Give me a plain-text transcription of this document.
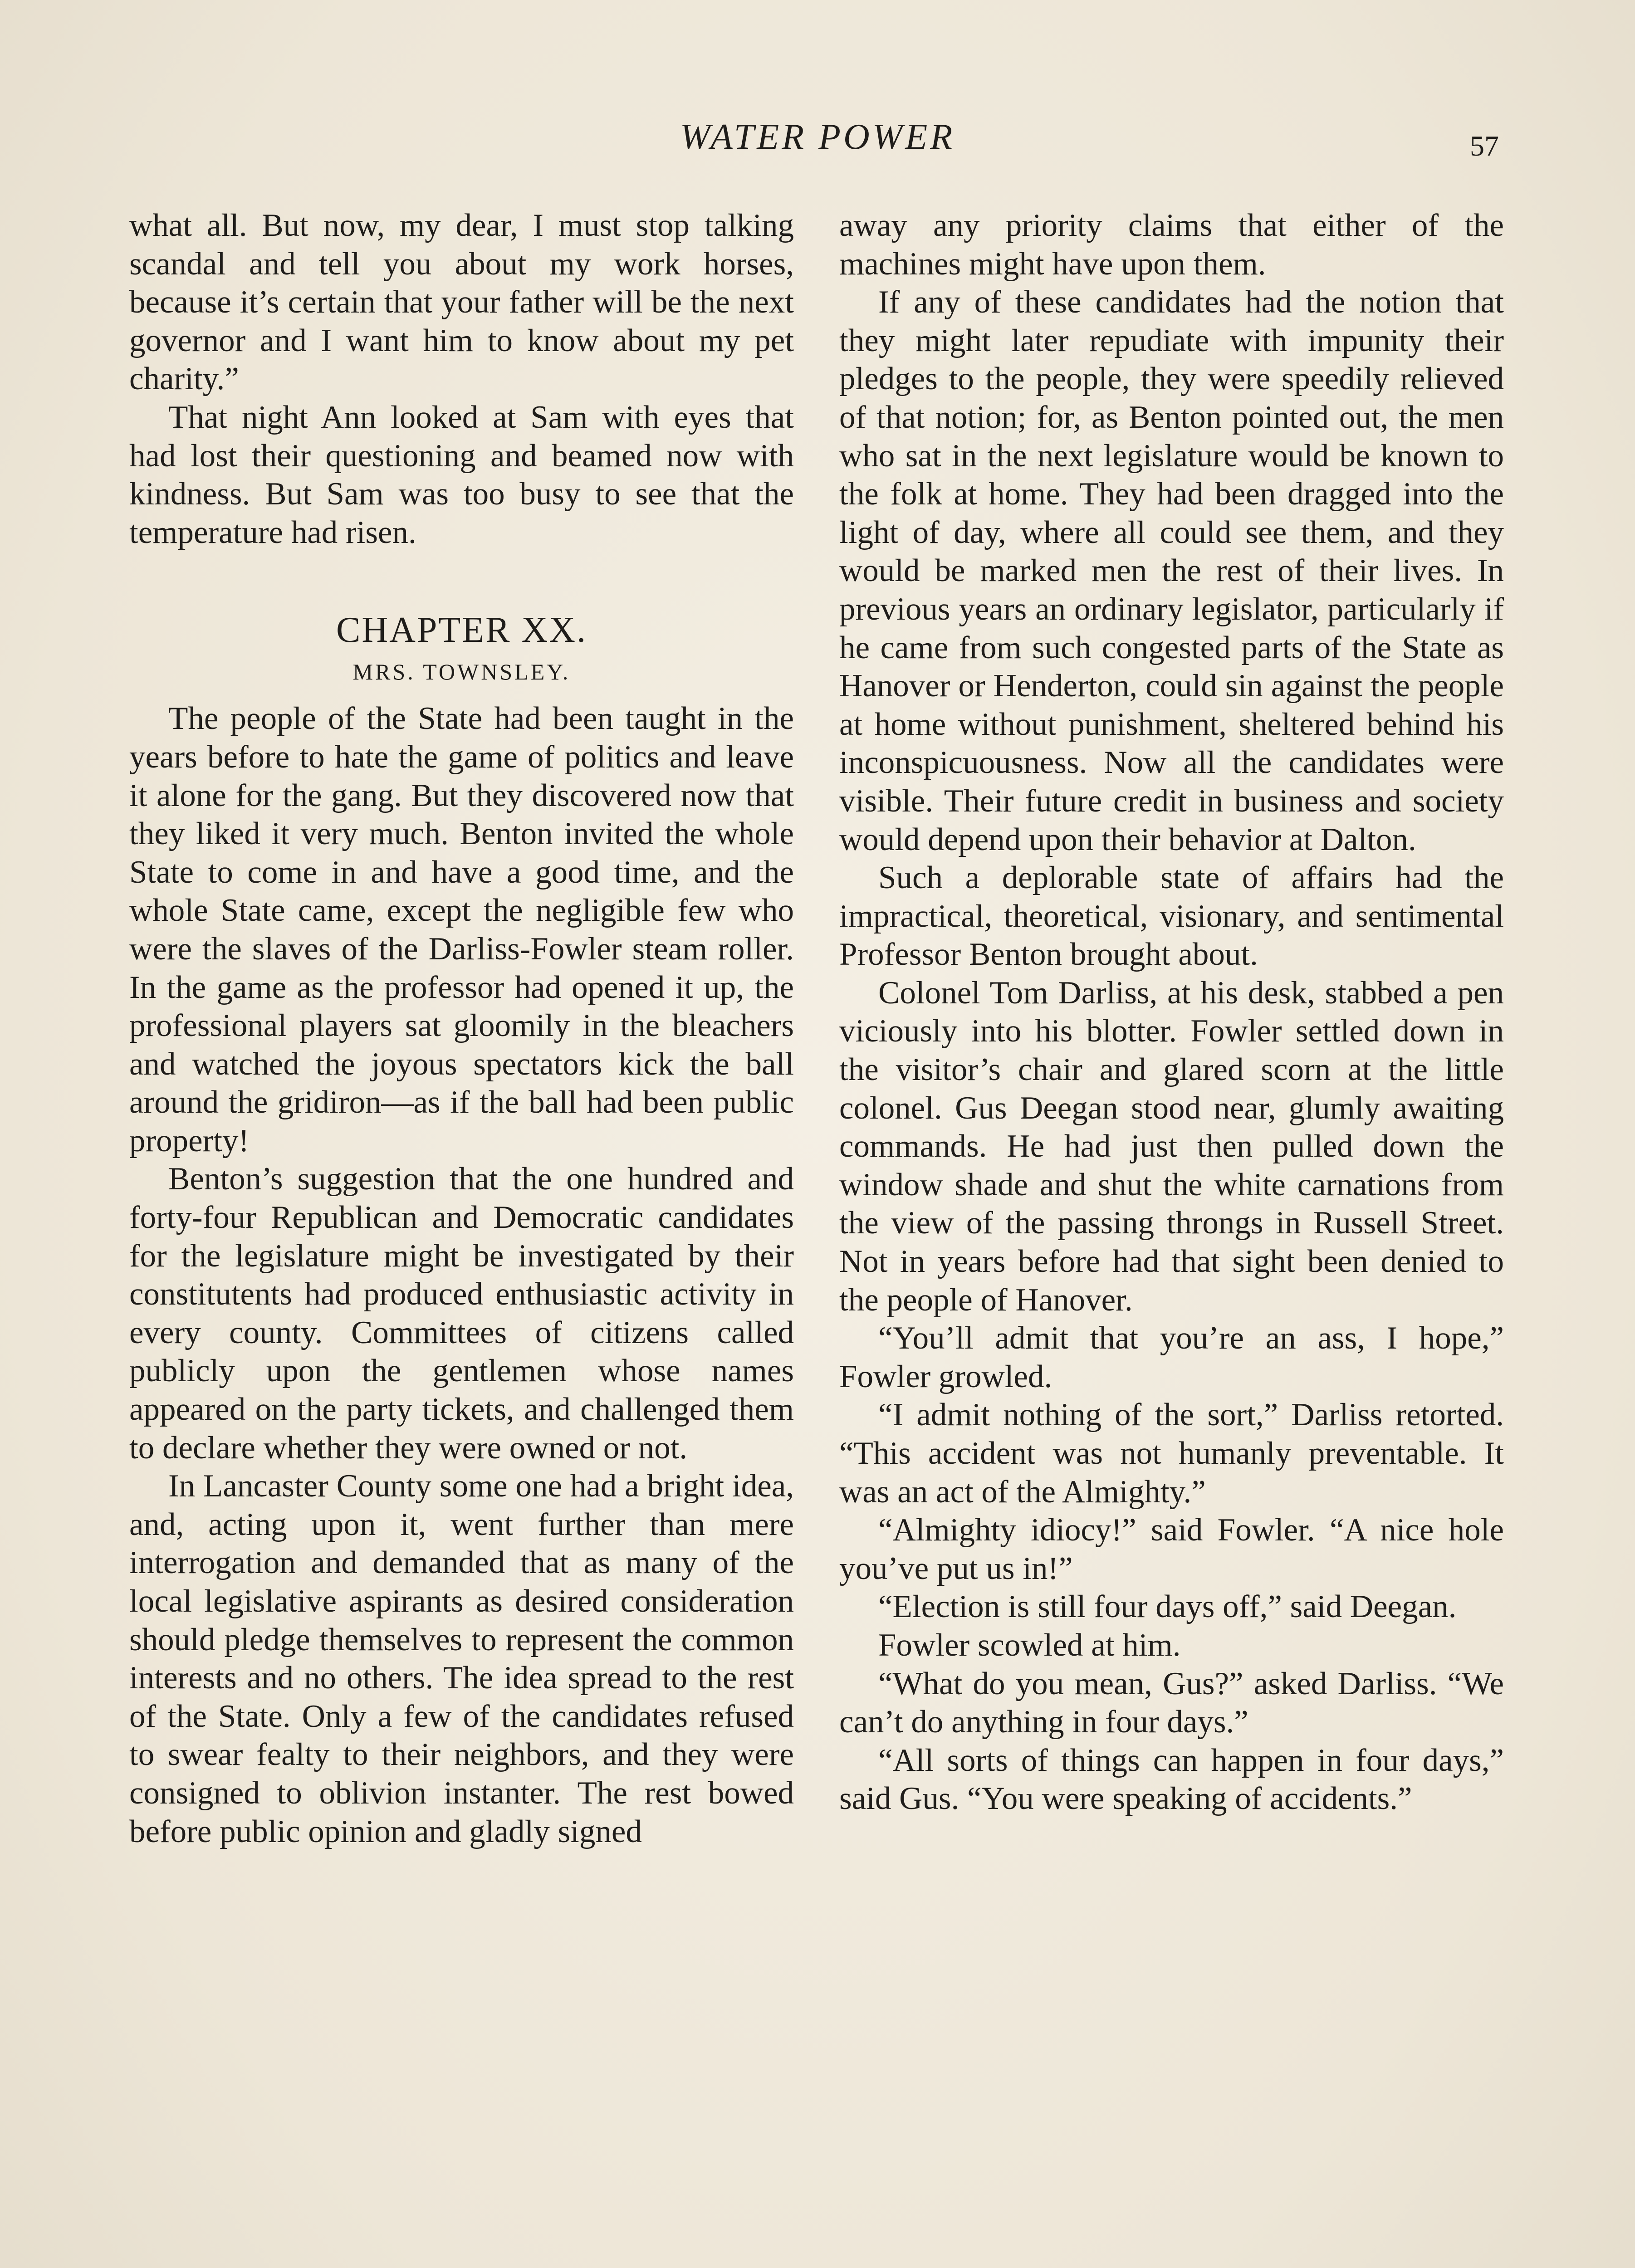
WATER POWER	57

what all. But now, my dear, I must stop talking scandal and tell you about my work horses, because it’s certain that your father will be the next governor and I want him to know about my pet charity.”

That night Ann looked at Sam with eyes that had lost their questioning and beamed now with kindness. But Sam was too busy to see that the temperature had risen.

CHAPTER XX.
MRS. TOWNSLEY.

The people of the State had been taught in the years before to hate the game of politics and leave it alone for the gang. But they discovered now that they liked it very much. Benton invited the whole State to come in and have a good time, and the whole State came, except the negligible few who were the slaves of the Darliss-Fowler steam roller. In the game as the professor had opened it up, the professional players sat gloomily in the bleachers and watched the joyous spectators kick the ball around the gridiron—as if the ball had been public property!

Benton’s suggestion that the one hundred and forty-four Republican and Democratic candidates for the legislature might be investigated by their constitutents had produced enthusiastic activity in every county. Committees of citizens called publicly upon the gentlemen whose names appeared on the party tickets, and challenged them to declare whether they were owned or not.

In Lancaster County some one had a bright idea, and, acting upon it, went further than mere interrogation and demanded that as many of the local legislative aspirants as desired consideration should pledge themselves to represent the common interests and no others. The idea spread to the rest of the State. Only a few of the candidates refused to swear fealty to their neighbors, and they were consigned to oblivion instanter. The rest bowed before public opinion and gladly signed

away any priority claims that either of the machines might have upon them.

If any of these candidates had the notion that they might later repudiate with impunity their pledges to the people, they were speedily relieved of that notion; for, as Benton pointed out, the men who sat in the next legislature would be known to the folk at home. They had been dragged into the light of day, where all could see them, and they would be marked men the rest of their lives. In previous years an ordinary legislator, particularly if he came from such congested parts of the State as Hanover or Henderton, could sin against the people at home without punishment, sheltered behind his inconspicuousness. Now all the candidates were visible. Their future credit in business and society would depend upon their behavior at Dalton.

Such a deplorable state of affairs had the impractical, theoretical, visionary, and sentimental Professor Benton brought about.

Colonel Tom Darliss, at his desk, stabbed a pen viciously into his blotter. Fowler settled down in the visitor’s chair and glared scorn at the little colonel. Gus Deegan stood near, glumly awaiting commands. He had just then pulled down the window shade and shut the white carnations from the view of the passing throngs in Russell Street. Not in years before had that sight been denied to the people of Hanover.

“You’ll admit that you’re an ass, I hope,” Fowler growled.

“I admit nothing of the sort,” Darliss retorted. “This accident was not humanly preventable. It was an act of the Almighty.”

“Almighty idiocy!” said Fowler. “A nice hole you’ve put us in!”

“Election is still four days off,” said Deegan.

Fowler scowled at him.

“What do you mean, Gus?” asked Darliss. “We can’t do anything in four days.”

“All sorts of things can happen in four days,” said Gus. “You were speaking of accidents.”
